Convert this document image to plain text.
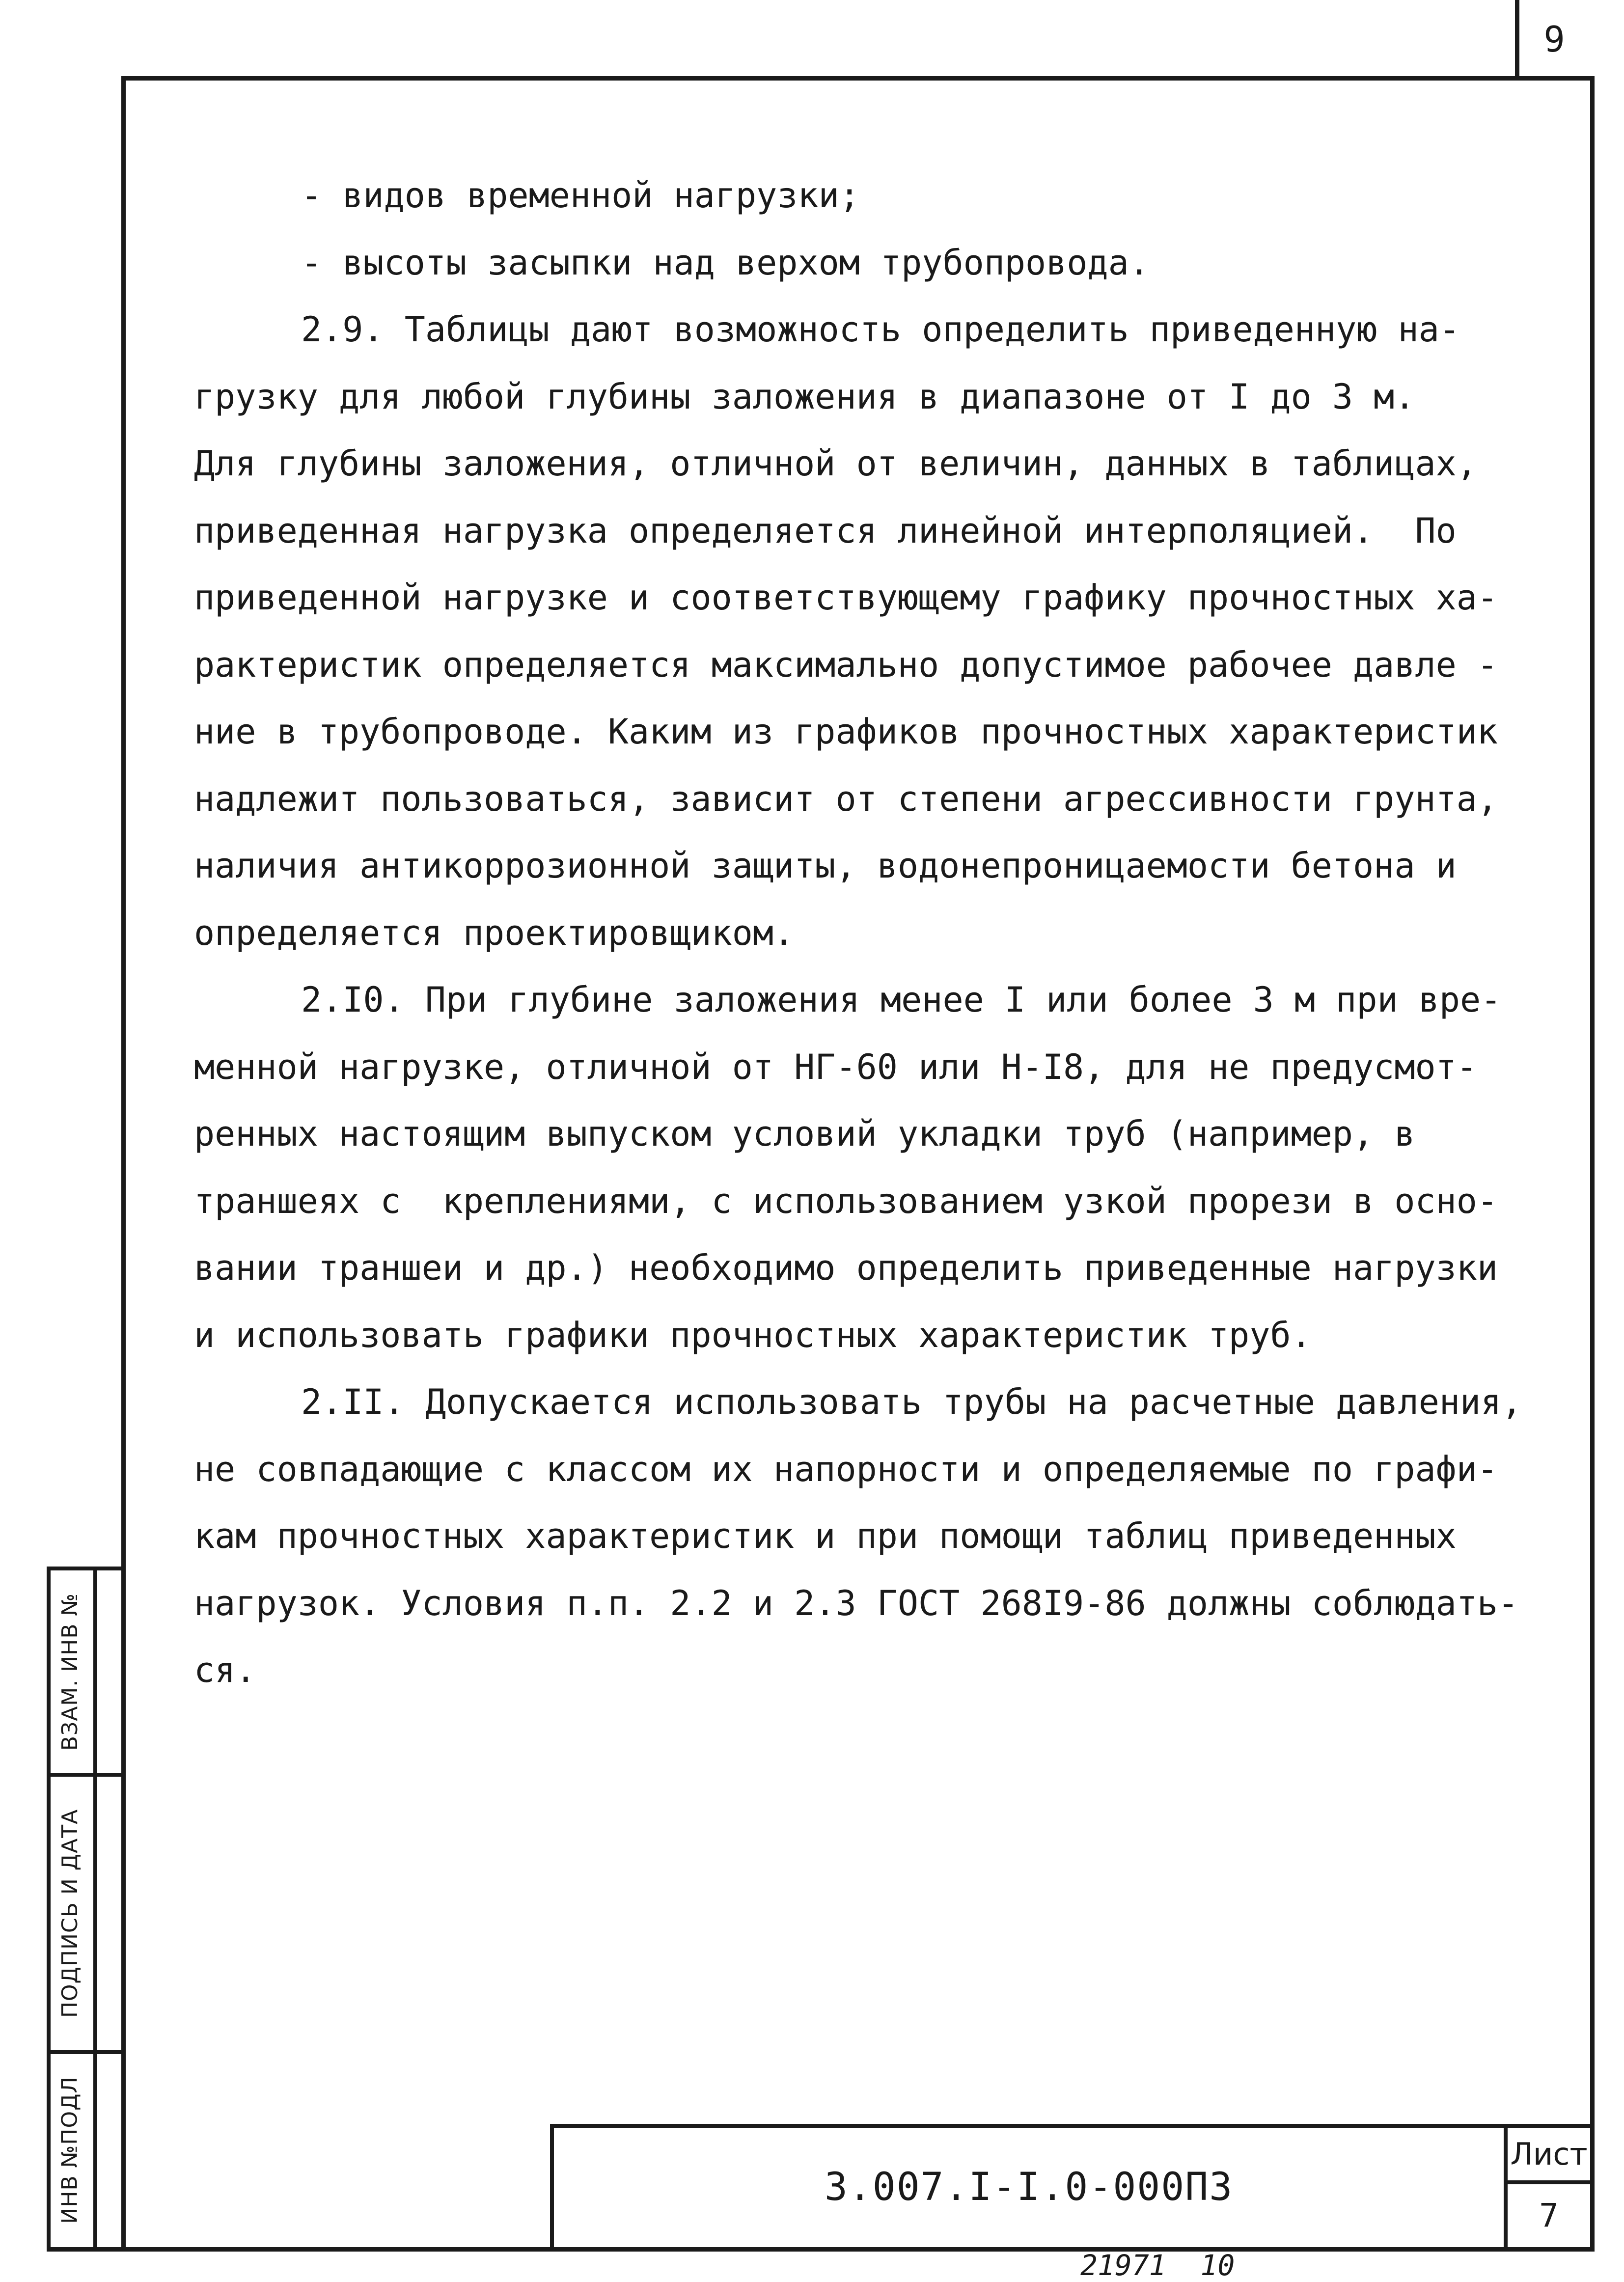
9

- видов временной нагрузки;

- высоты засыпки над верхом трубопровода.

2.9. Таблицы дают возможность определить приведенную на-

грузку для любой глубины заложения в диапазоне от I до 3 м.

Для глубины заложения, отличной от величин, данных в таблицах,

приведенная нагрузка определяется линейной интерполяцией.  По

приведенной нагрузке и соответствующему графику прочностных ха-

рактеристик определяется максимально допустимое рабочее давле -

ние в трубопроводе. Каким из графиков прочностных характеристик

надлежит пользоваться, зависит от степени агрессивности грунта,

наличия антикоррозионной защиты, водонепроницаемости бетона и

определяется проектировщиком.

2.I0. При глубине заложения менее I или более 3 м при вре-

менной нагрузке, отличной от НГ-60 или Н-I8, для не предусмот-

ренных настоящим выпуском условий укладки труб (например, в

траншеях с  креплениями, с использованием узкой прорези в осно-

вании траншеи и др.) необходимо определить приведенные нагрузки

и использовать графики прочностных характеристик труб.

2.II. Допускается использовать трубы на расчетные давления,

не совпадающие с классом их напорности и определяемые по графи-

кам прочностных характеристик и при помощи таблиц приведенных

нагрузок. Условия п.п. 2.2 и 2.3 ГОСТ 268I9-86 должны соблюдать-

ся.

ВЗАМ. ИНВ №
ПОДПИСЬ И ДАТА
ИНВ №ПОДЛ	3.007.I-I.0-000ПЗ
Лист
7
21971  10
